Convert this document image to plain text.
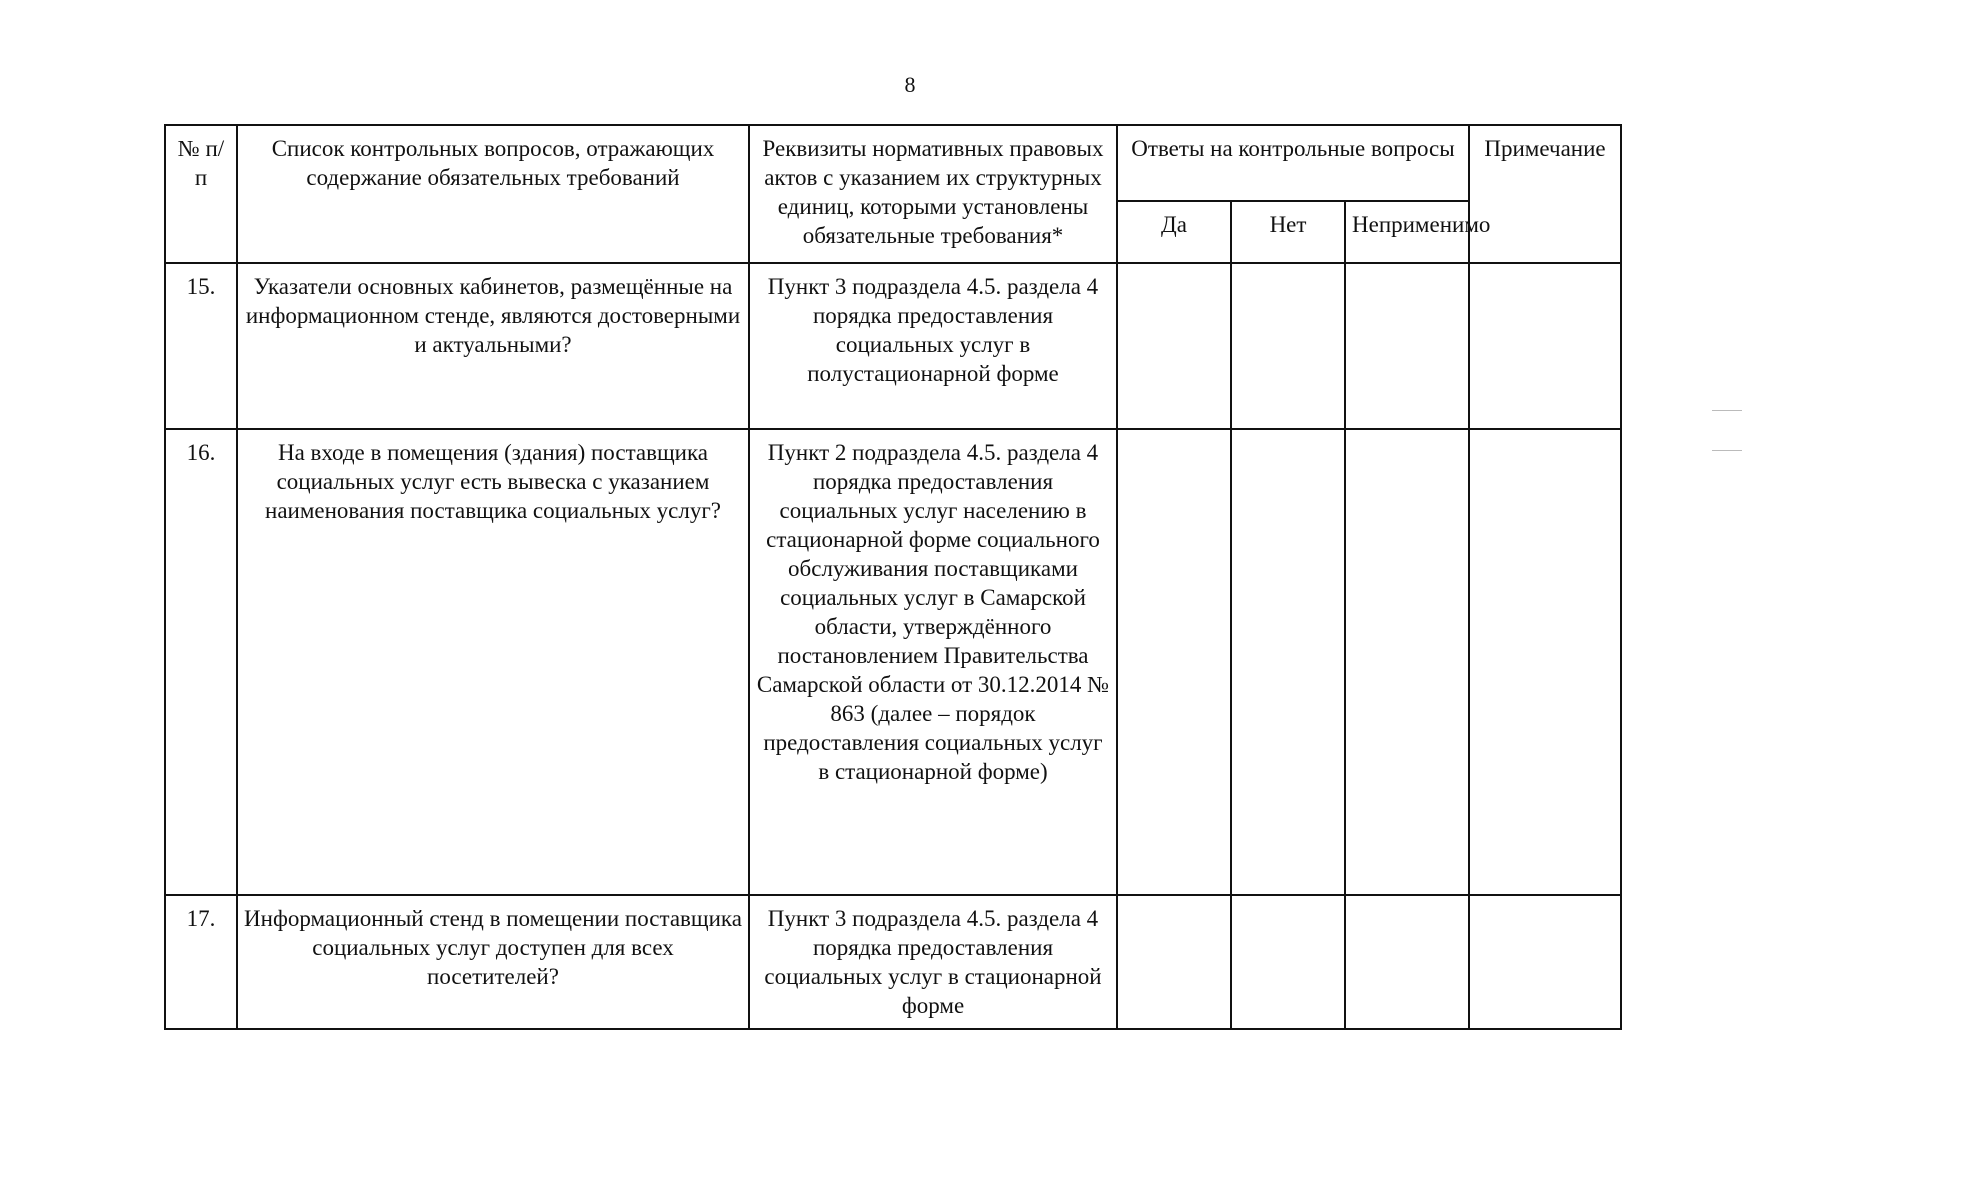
8
№ п/п	Список контрольных вопросов, отражающих содержание обязательных требований	Реквизиты нормативных правовых актов с указанием их структурных единиц, которыми установлены обязательные требования*	Ответы на контрольные вопросы			Примечание
			Да	Нет	Неприменимо	
15.	Указатели основных кабинетов, размещённые на информационном стенде, являются достоверными и актуальными?	Пункт 3 подраздела 4.5. раздела 4 порядка предоставления социальных услуг в полустационарной форме				
16.	На входе в помещения (здания) поставщика социальных услуг есть вывеска с указанием наименования поставщика социальных услуг?	Пункт 2 подраздела 4.5. раздела 4 порядка предоставления социальных услуг населению в стационарной форме социального обслуживания поставщиками социальных услуг в Самарской области, утверждённого постановлением Правительства Самарской области от 30.12.2014 № 863 (далее – порядок предоставления социальных услуг в стационарной форме)				
17.	Информационный стенд в помещении поставщика социальных услуг доступен для всех посетителей?	Пункт 3 подраздела 4.5. раздела 4 порядка предоставления социальных услуг в стационарной форме				
